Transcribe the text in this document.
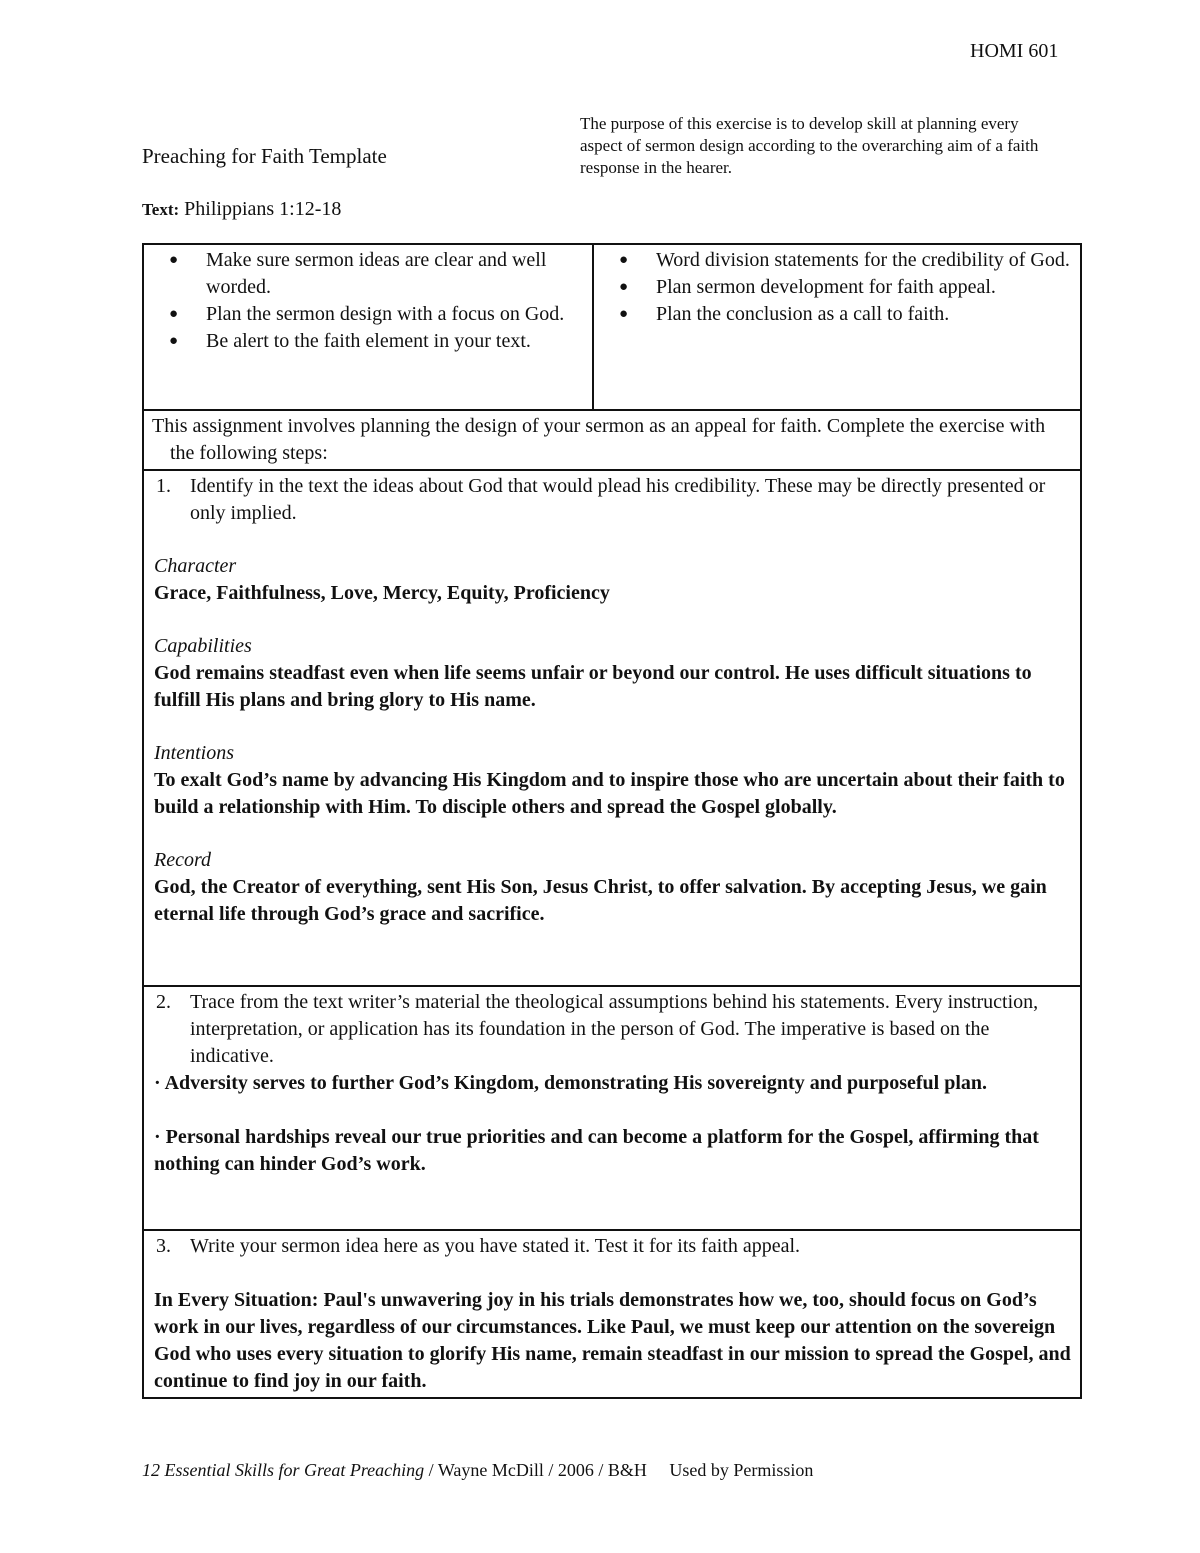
HOMI 601
Preaching for Faith Template
The purpose of this exercise is to develop skill at planning every aspect of sermon design according to the overarching aim of a faith response in the hearer.
Text: Philippians 1:12-18
● Make sure sermon ideas are clear and well worded.
● Plan the sermon design with a focus on God.
● Be alert to the faith element in your text.

● Word division statements for the credibility of God.
● Plan sermon development for faith appeal.
● Plan the conclusion as a call to faith.

This assignment involves planning the design of your sermon as an appeal for faith. Complete the exercise with the following steps:

1. Identify in the text the ideas about God that would plead his credibility. These may be directly presented or only implied.
Character
Grace, Faithfulness, Love, Mercy, Equity, Proficiency
Capabilities
God remains steadfast even when life seems unfair or beyond our control. He uses difficult situations to fulfill His plans and bring glory to His name.
Intentions
To exalt God’s name by advancing His Kingdom and to inspire those who are uncertain about their faith to build a relationship with Him. To disciple others and spread the Gospel globally.
Record
God, the Creator of everything, sent His Son, Jesus Christ, to offer salvation. By accepting Jesus, we gain eternal life through God’s grace and sacrifice.

2. Trace from the text writer’s material the theological assumptions behind his statements. Every instruction, interpretation, or application has its foundation in the person of God. The imperative is based on the indicative.
· Adversity serves to further God’s Kingdom, demonstrating His sovereignty and purposeful plan.
· Personal hardships reveal our true priorities and can become a platform for the Gospel, affirming that nothing can hinder God’s work.

3. Write your sermon idea here as you have stated it. Test it for its faith appeal.
In Every Situation: Paul's unwavering joy in his trials demonstrates how we, too, should focus on God’s work in our lives, regardless of our circumstances. Like Paul, we must keep our attention on the sovereign God who uses every situation to glorify His name, remain steadfast in our mission to spread the Gospel, and continue to find joy in our faith.
12 Essential Skills for Great Preaching / Wayne McDill / 2006 / B&H     Used by Permission
